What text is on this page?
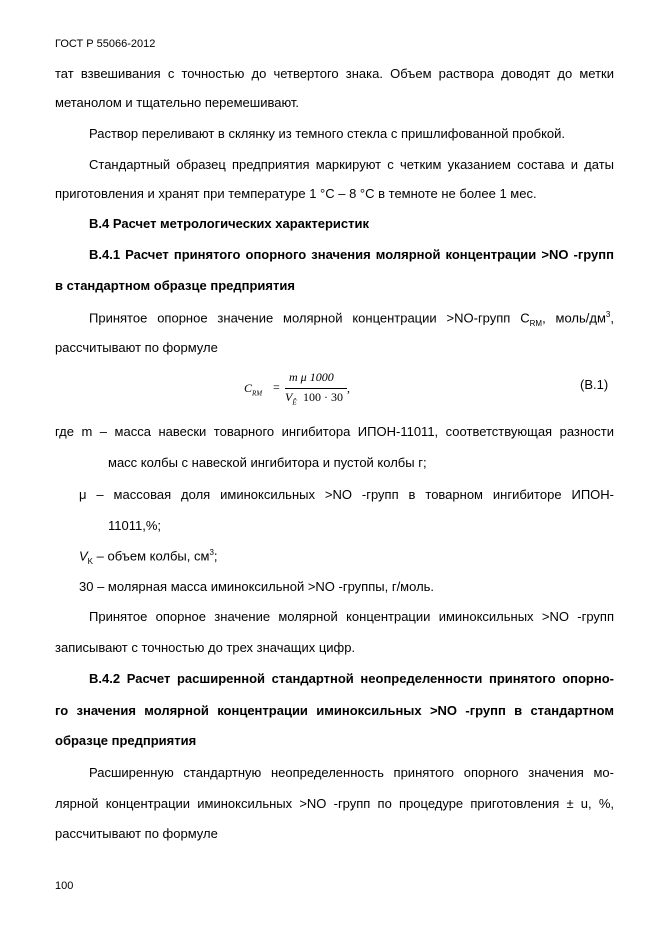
ГОСТ Р 55066-2012
тат взвешивания с точностью до четвертого знака. Объем раствора доводят до метки
метанолом и тщательно перемешивают.
Раствор переливают в склянку из темного стекла с пришлифованной пробкой.
Стандартный образец предприятия маркируют с четким указанием состава и даты
приготовления и хранят при температуре 1 °С – 8 °С в темноте не более 1 мес.
В.4 Расчет метрологических характеристик
В.4.1 Расчет принятого опорного значения молярной концентрации >NO -групп
в стандартном образце предприятия
Принятое опорное значение молярной концентрации >NO-групп $C_{RM}$, моль/$дм^3$,
рассчитывают по формуле
$C_{RM}$ =
m μ 1000
$V_Ê$ 100 · 30
,	(В.1)
где m – масса навески товарного ингибитора ИПОН-11011, соответствующая разности
масс колбы с навеской ингибитора и пустой колбы г;
μ – массовая доля иминоксильных >NO -групп в товарном ингибиторе ИПОН-
11011,%;
$V_K$ – объем колбы, $см^3$;
30 – молярная масса иминоксильной >NO -группы, г/моль.
Принятое опорное значение молярной концентрации иминоксильных >NO -групп
записывают с точностью до трех значащих цифр.
В.4.2 Расчет расширенной стандартной неопределенности принятого опорно-
го значения молярной концентрации иминоксильных >NO -групп в стандартном
образце предприятия
Расширенную стандартную неопределенность принятого опорного значения мо-
лярной концентрации иминоксильных >NO -групп по процедуре приготовления ± u, %,
рассчитывают по формуле
100
